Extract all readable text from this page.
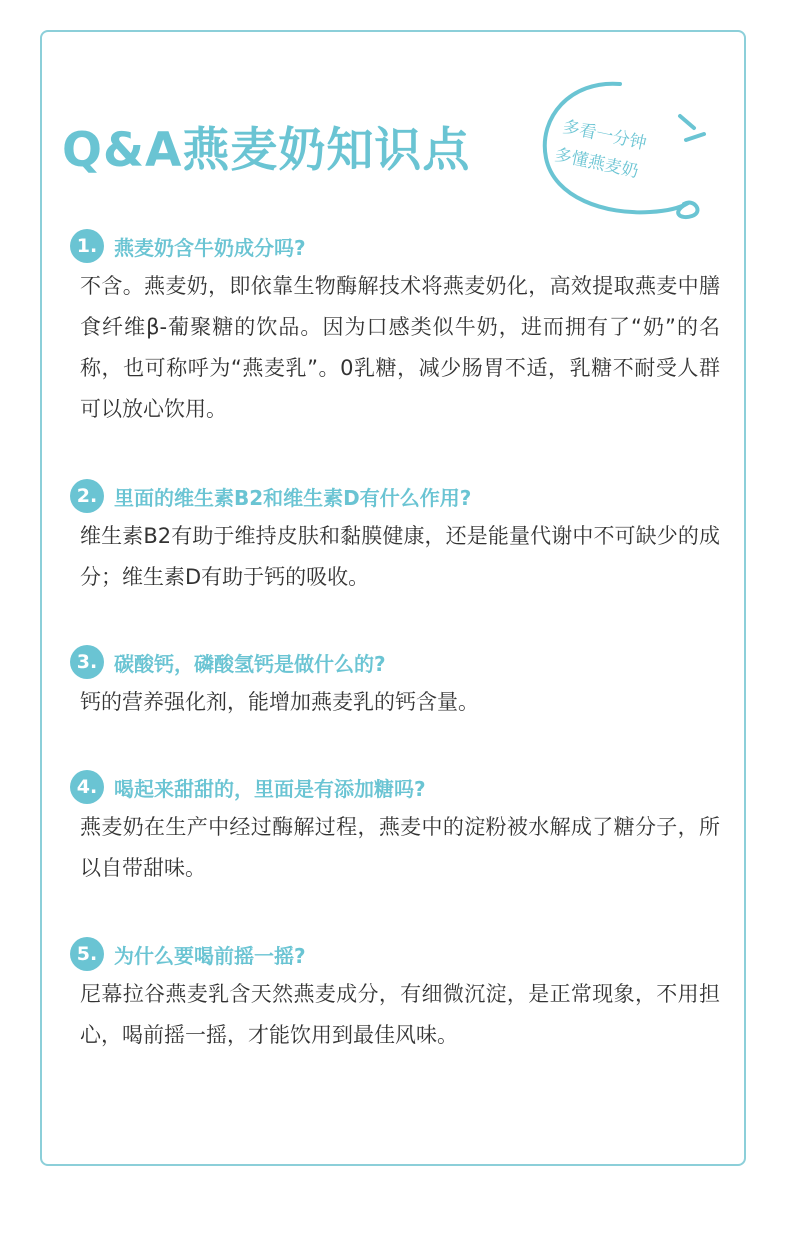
Q&A燕麦奶知识点	多看一分钟
多懂燕麦奶
1. 燕麦奶含牛奶成分吗?
不含。燕麦奶，即依靠生物酶解技术将燕麦奶化，高效提取燕麦中膳食纤维β-葡聚糖的饮品。因为口感类似牛奶，进而拥有了“奶”的名称，也可称呼为“燕麦乳”。0乳糖，减少肠胃不适，乳糖不耐受人群可以放心饮用。
2. 里面的维生素B2和维生素D有什么作用?
维生素B2有助于维持皮肤和黏膜健康，还是能量代谢中不可缺少的成分；维生素D有助于钙的吸收。
3. 碳酸钙，磷酸氢钙是做什么的?
钙的营养强化剂，能增加燕麦乳的钙含量。
4. 喝起来甜甜的，里面是有添加糖吗?
燕麦奶在生产中经过酶解过程，燕麦中的淀粉被水解成了糖分子，所以自带甜味。
5. 为什么要喝前摇一摇?
尼幕拉谷燕麦乳含天然燕麦成分，有细微沉淀，是正常现象，不用担心，喝前摇一摇，才能饮用到最佳风味。
